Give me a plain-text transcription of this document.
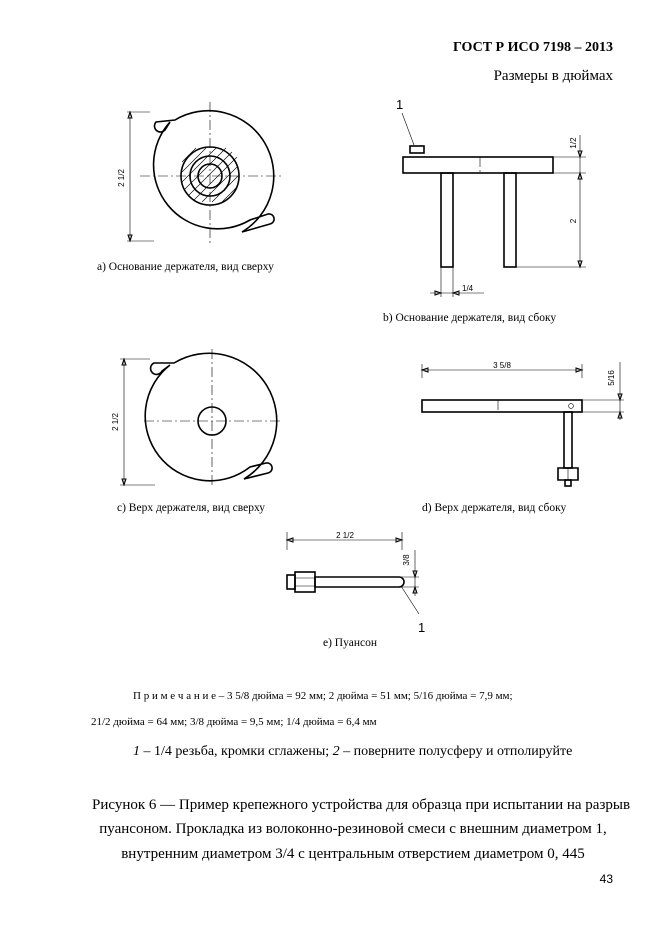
ГОСТ Р ИСО 7198 – 2013
Размеры в дюймах
2 1/2
a) Основание держателя, вид сверху
1
1/2
2
1/4
b) Основание держателя, вид сбоку
2 1/2
c) Верх держателя, вид сверху
3 5/8
5/16
d) Верх держателя, вид сбоку
2 1/2
3/8
1
e) Пуансон
П р и м е ч а н и е – 3 5/8 дюйма = 92 мм; 2 дюйма = 51 мм; 5/16 дюйма = 7,9 мм;
21/2 дюйма = 64 мм; 3/8 дюйма = 9,5 мм; 1/4 дюйма = 6,4 мм
1 – 1/4 резьба, кромки сглажены; 2 – поверните полусферу и отполируйте
Рисунок 6 — Пример крепежного устройства для образца при испытании на разрыв
пуансоном. Прокладка из волоконно-резиновой смеси с внешним диаметром 1,
внутренним диаметром 3/4 с центральным отверстием диаметром 0, 445
43
